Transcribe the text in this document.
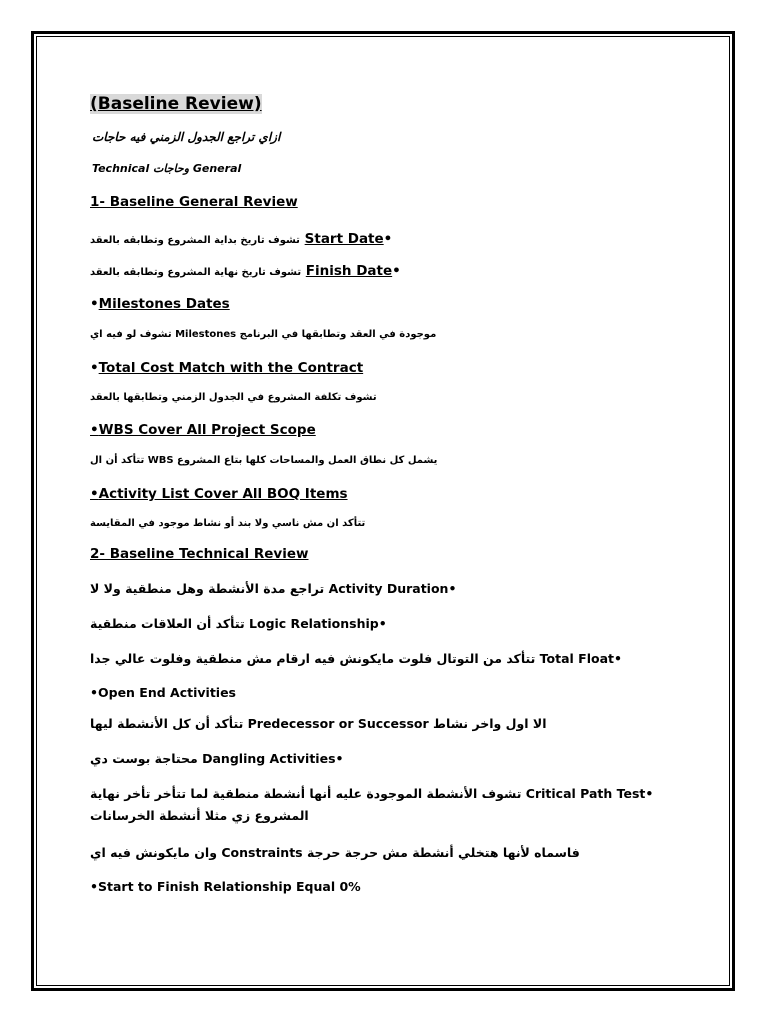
(Baseline Review)
ازاي تراجع الجدول الزمني فيه حاجات
General وحاجات Technical
1- Baseline General Review
تشوف تاريخ بداية المشروع وتطابقه بالعقد Start Date•
تشوف تاريخ نهاية المشروع وتطابقه بالعقد Finish Date•
•Milestones Dates
موجودة في العقد وتطابقها في البرنامج Milestones تشوف لو فيه اي
•Total Cost Match with the Contract
تشوف تكلفة المشروع في الجدول الزمني وتطابقها بالعقد
•WBS Cover All Project Scope
يشمل كل نطاق العمل والمساحات كلها بتاع المشروع WBS تتأكد أن ال
•Activity List Cover All BOQ Items
تتأكد ان مش ناسي ولا بند أو نشاط موجود في المقايسة
2- Baseline Technical Review
تراجع مدة الأنشطة وهل منطقية ولا لا Activity Duration•
تتأكد أن العلاقات منطقية Logic Relationship•
تتأكد من التوتال فلوت مايكونش فيه ارقام مش منطقية وفلوت عالي جدا Total Float•
•Open End Activities
الا اول واخر نشاط Predecessor or Successor تتأكد أن كل الأنشطة ليها
محتاجة بوست دي Dangling Activities•
تشوف الأنشطة الموجودة عليه أنها أنشطة منطقية لما تتأخر تأخر نهاية Critical Path Test•
المشروع زي مثلا أنشطة الخرسانات
فاسماه لأنها هتخلي أنشطة مش حرجة حرجة Constraints وان مايكونش فيه اي
•Start to Finish Relationship Equal 0%
